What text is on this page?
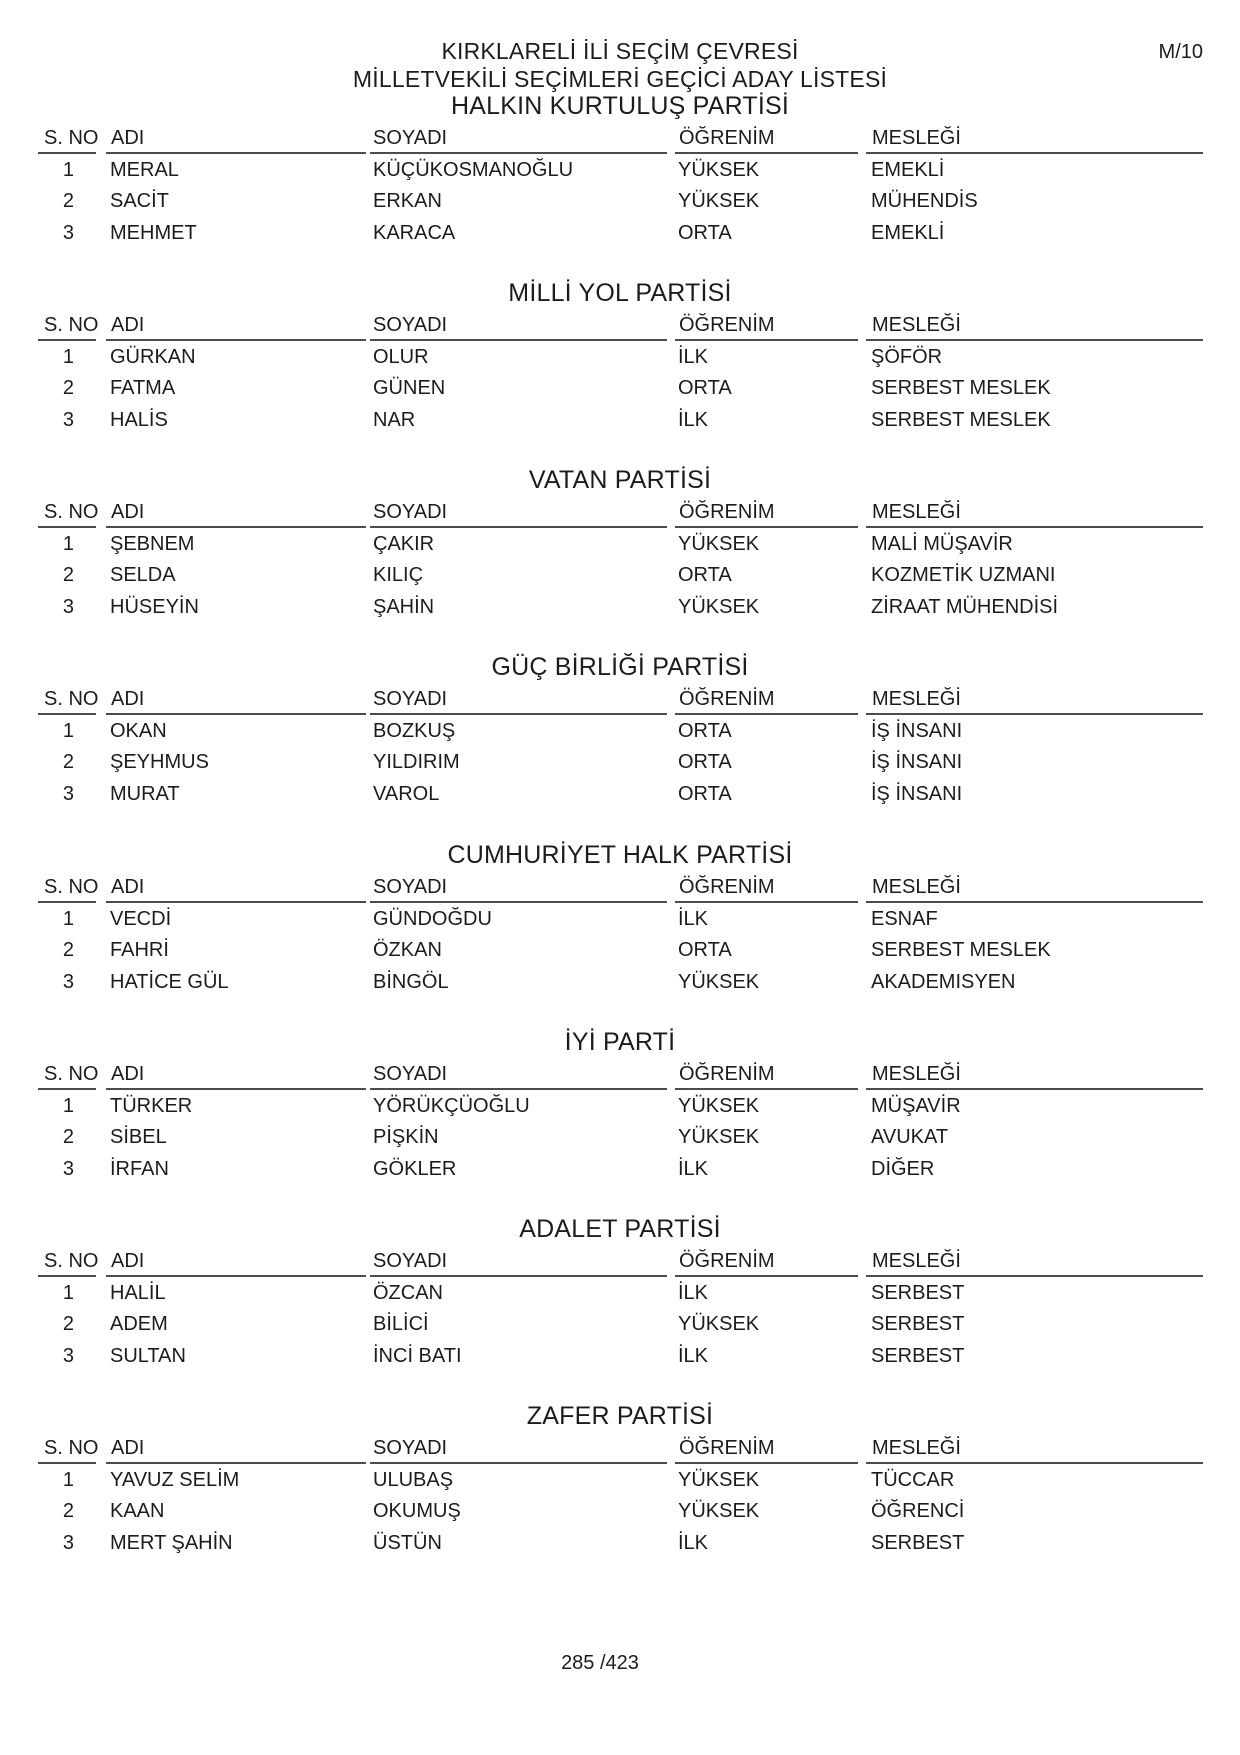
KIRKLARELİ İLİ SEÇİM ÇEVRESİ
MİLLETVEKİLİ SEÇİMLERİ GEÇİCİ ADAY LİSTESİ
M/10
HALKIN KURTULUŞ PARTİSİ
S. NO ADI	SOYADI	ÖĞRENİM	MESLEĞİ
1 MERAL	KÜÇÜKOSMANOĞLU	YÜKSEK	EMEKLİ
2 SACİT	ERKAN	YÜKSEK	MÜHENDİS
3 MEHMET	KARACA	ORTA	EMEKLİ
MİLLİ YOL PARTİSİ
S. NO ADI	SOYADI	ÖĞRENİM	MESLEĞİ
1 GÜRKAN	OLUR	İLK	ŞÖFÖR
2 FATMA	GÜNEN	ORTA	SERBEST MESLEK
3 HALİS	NAR	İLK	SERBEST MESLEK
VATAN PARTİSİ
S. NO ADI	SOYADI	ÖĞRENİM	MESLEĞİ
1 ŞEBNEM	ÇAKIR	YÜKSEK	MALİ MÜŞAVİR
2 SELDA	KILIÇ	ORTA	KOZMETİK UZMANI
3 HÜSEYİN	ŞAHİN	YÜKSEK	ZİRAAT MÜHENDİSİ
GÜÇ BİRLİĞİ PARTİSİ
S. NO ADI	SOYADI	ÖĞRENİM	MESLEĞİ
1 OKAN	BOZKUŞ	ORTA	İŞ İNSANI
2 ŞEYHMUS	YILDIRIM	ORTA	İŞ İNSANI
3 MURAT	VAROL	ORTA	İŞ İNSANI
CUMHURİYET HALK PARTİSİ
S. NO ADI	SOYADI	ÖĞRENİM	MESLEĞİ
1 VECDİ	GÜNDOĞDU	İLK	ESNAF
2 FAHRİ	ÖZKAN	ORTA	SERBEST MESLEK
3 HATİCE GÜL	BİNGÖL	YÜKSEK	AKADEMISYEN
İYİ PARTİ
S. NO ADI	SOYADI	ÖĞRENİM	MESLEĞİ
1 TÜRKER	YÖRÜKÇÜOĞLU	YÜKSEK	MÜŞAVİR
2 SİBEL	PİŞKİN	YÜKSEK	AVUKAT
3 İRFAN	GÖKLER	İLK	DİĞER
ADALET PARTİSİ
S. NO ADI	SOYADI	ÖĞRENİM	MESLEĞİ
1 HALİL	ÖZCAN	İLK	SERBEST
2 ADEM	BİLİCİ	YÜKSEK	SERBEST
3 SULTAN	İNCİ BATI	İLK	SERBEST
ZAFER PARTİSİ
S. NO ADI	SOYADI	ÖĞRENİM	MESLEĞİ
1 YAVUZ SELİM	ULUBAŞ	YÜKSEK	TÜCCAR
2 KAAN	OKUMUŞ	YÜKSEK	ÖĞRENCİ
3 MERT ŞAHİN	ÜSTÜN	İLK	SERBEST
285 /423
